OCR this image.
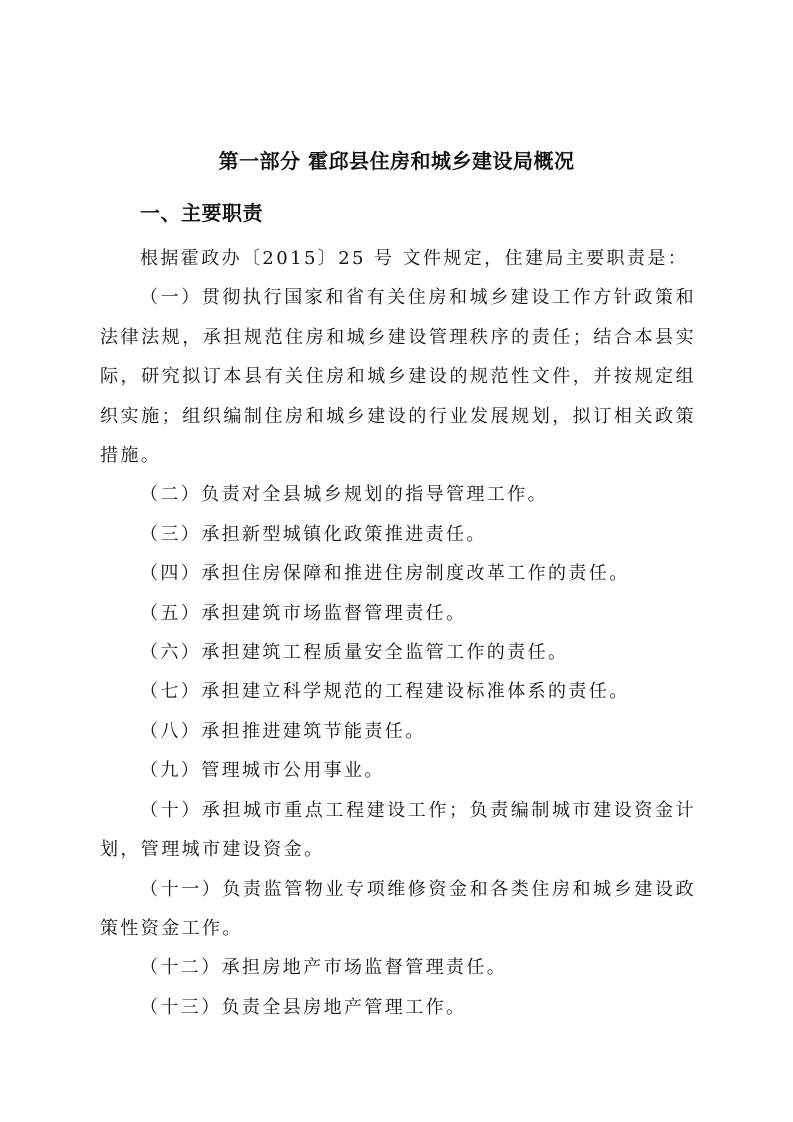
第一部分 霍邱县住房和城乡建设局概况
一、主要职责

根据霍政办〔2015〕25 号 文件规定，住建局主要职责是：

（一）贯彻执行国家和省有关住房和城乡建设工作方针政策和法律法规，承担规范住房和城乡建设管理秩序的责任；结合本县实际，研究拟订本县有关住房和城乡建设的规范性文件，并按规定组织实施；组织编制住房和城乡建设的行业发展规划，拟订相关政策措施。

（二）负责对全县城乡规划的指导管理工作。

（三）承担新型城镇化政策推进责任。

（四）承担住房保障和推进住房制度改革工作的责任。

（五）承担建筑市场监督管理责任。

（六）承担建筑工程质量安全监管工作的责任。

（七）承担建立科学规范的工程建设标准体系的责任。

（八）承担推进建筑节能责任。

（九）管理城市公用事业。

（十）承担城市重点工程建设工作；负责编制城市建设资金计划，管理城市建设资金。

（十一）负责监管物业专项维修资金和各类住房和城乡建设政策性资金工作。

（十二）承担房地产市场监督管理责任。

（十三）负责全县房地产管理工作。
